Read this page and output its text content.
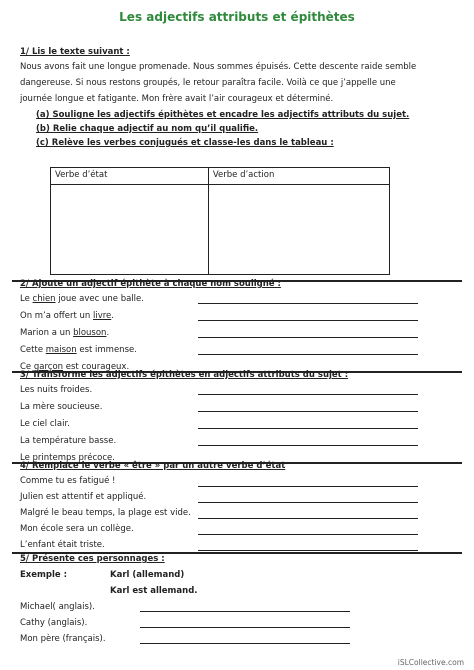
Les adjectifs attributs et épithètes
1/ Lis le texte suivant :
Nous avons fait une longue promenade. Nous sommes épuisés. Cette descente raide semble
dangereuse. Si nous restons groupés, le retour paraîtra facile. Voilà ce que j’appelle une
journée longue et fatigante. Mon frère avait l’air courageux et déterminé.
(a) Souligne les adjectifs épithètes et encadre les adjectifs attributs du sujet.
(b) Relie chaque adjectif au nom qu’il qualifie.
(c) Relève les verbes conjugués et classe-les dans le tableau :
Verbe d’état	Verbe d’action

2/ Ajoute un adjectif épithète à chaque nom souligné :
Le chien joue avec une balle.
On m’a offert un livre.
Marion a un blouson.
Cette maison est immense.
Ce garçon est courageux.
3/ Transforme les adjectifs épithètes en adjectifs attributs du sujet :
Les nuits froides.
La mère soucieuse.
Le ciel clair.
La température basse.
Le printemps précoce.
4/ Remplace le verbe « être » par un autre verbe d’état
Comme tu es fatigué !
Julien est attentif et appliqué.
Malgré le beau temps, la plage est vide.
Mon école sera un collège.
L’enfant était triste.
5/ Présente ces personnages :
Exemple :	Karl (allemand)
Karl est allemand.
Michael( anglais).
Cathy (anglais).
Mon père (français).
iSLCollective.com
